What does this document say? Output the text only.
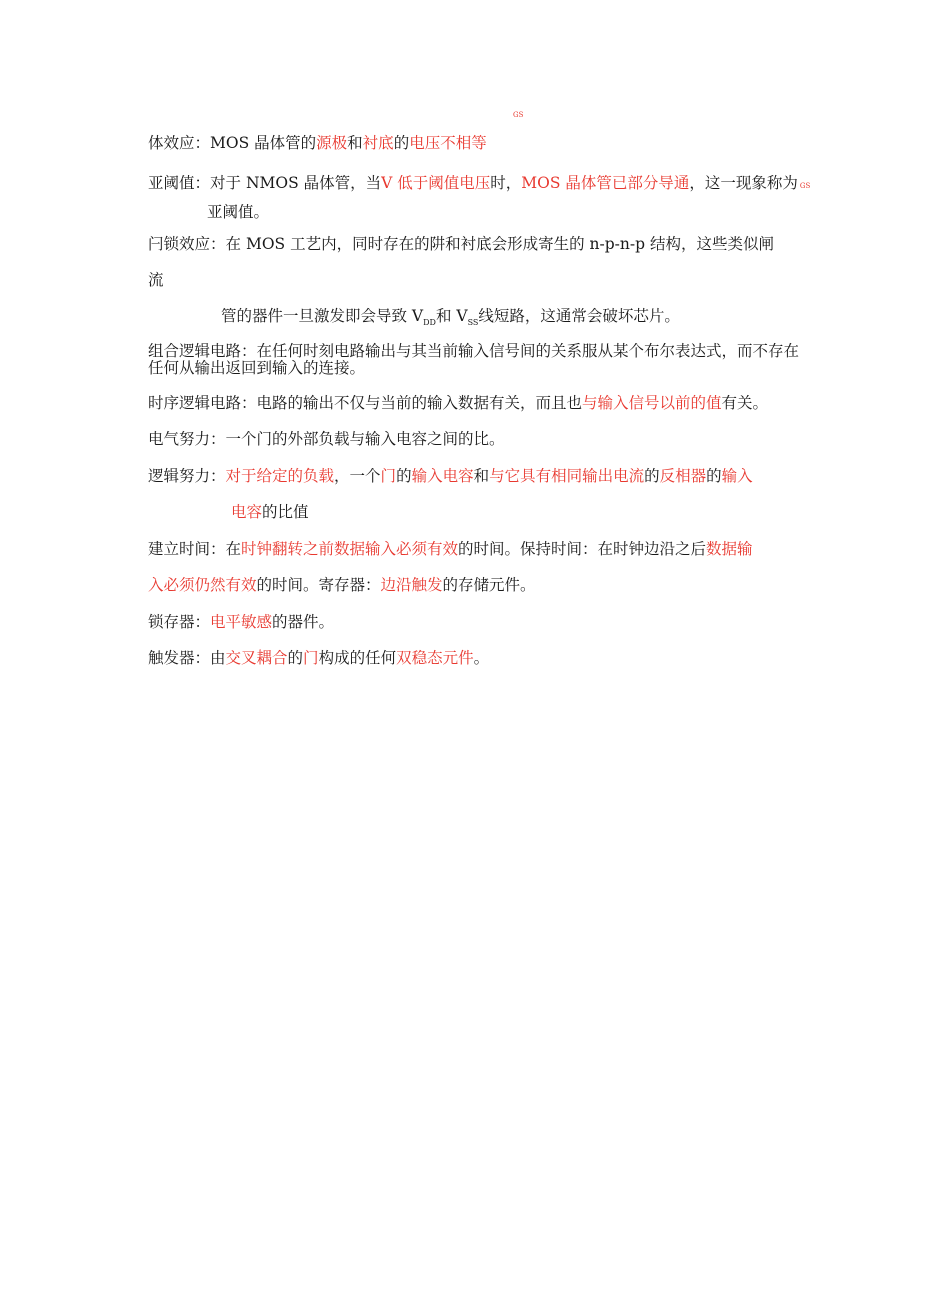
GS
体效应：MOS 晶体管的源极和衬底的电压不相等
亚阈值：对于 NMOS 晶体管，当V 低于阈值电压时，MOS 晶体管已部分导通，这一现象称为 GS
亚阈值。
闩锁效应：在 MOS 工艺内，同时存在的阱和衬底会形成寄生的 n-p-n-p 结构，这些类似闸
流
管的器件一旦激发即会导致 $V_{DD}$和 $V_{SS}$线短路，这通常会破坏芯片。
组合逻辑电路：在任何时刻电路输出与其当前输入信号间的关系服从某个布尔表达式，而不存在任何从输出返回到输入的连接。
时序逻辑电路：电路的输出不仅与当前的输入数据有关，而且也与输入信号以前的值有关。
电气努力：一个门的外部负载与输入电容之间的比。
逻辑努力：对于给定的负载，一个门的输入电容和与它具有相同输出电流的反相器的输入
电容的比值
建立时间：在时钟翻转之前数据输入必须有效的时间。保持时间：在时钟边沿之后数据输
入必须仍然有效的时间。寄存器：边沿触发的存储元件。
锁存器：电平敏感的器件。
触发器：由交叉耦合的门构成的任何双稳态元件。
